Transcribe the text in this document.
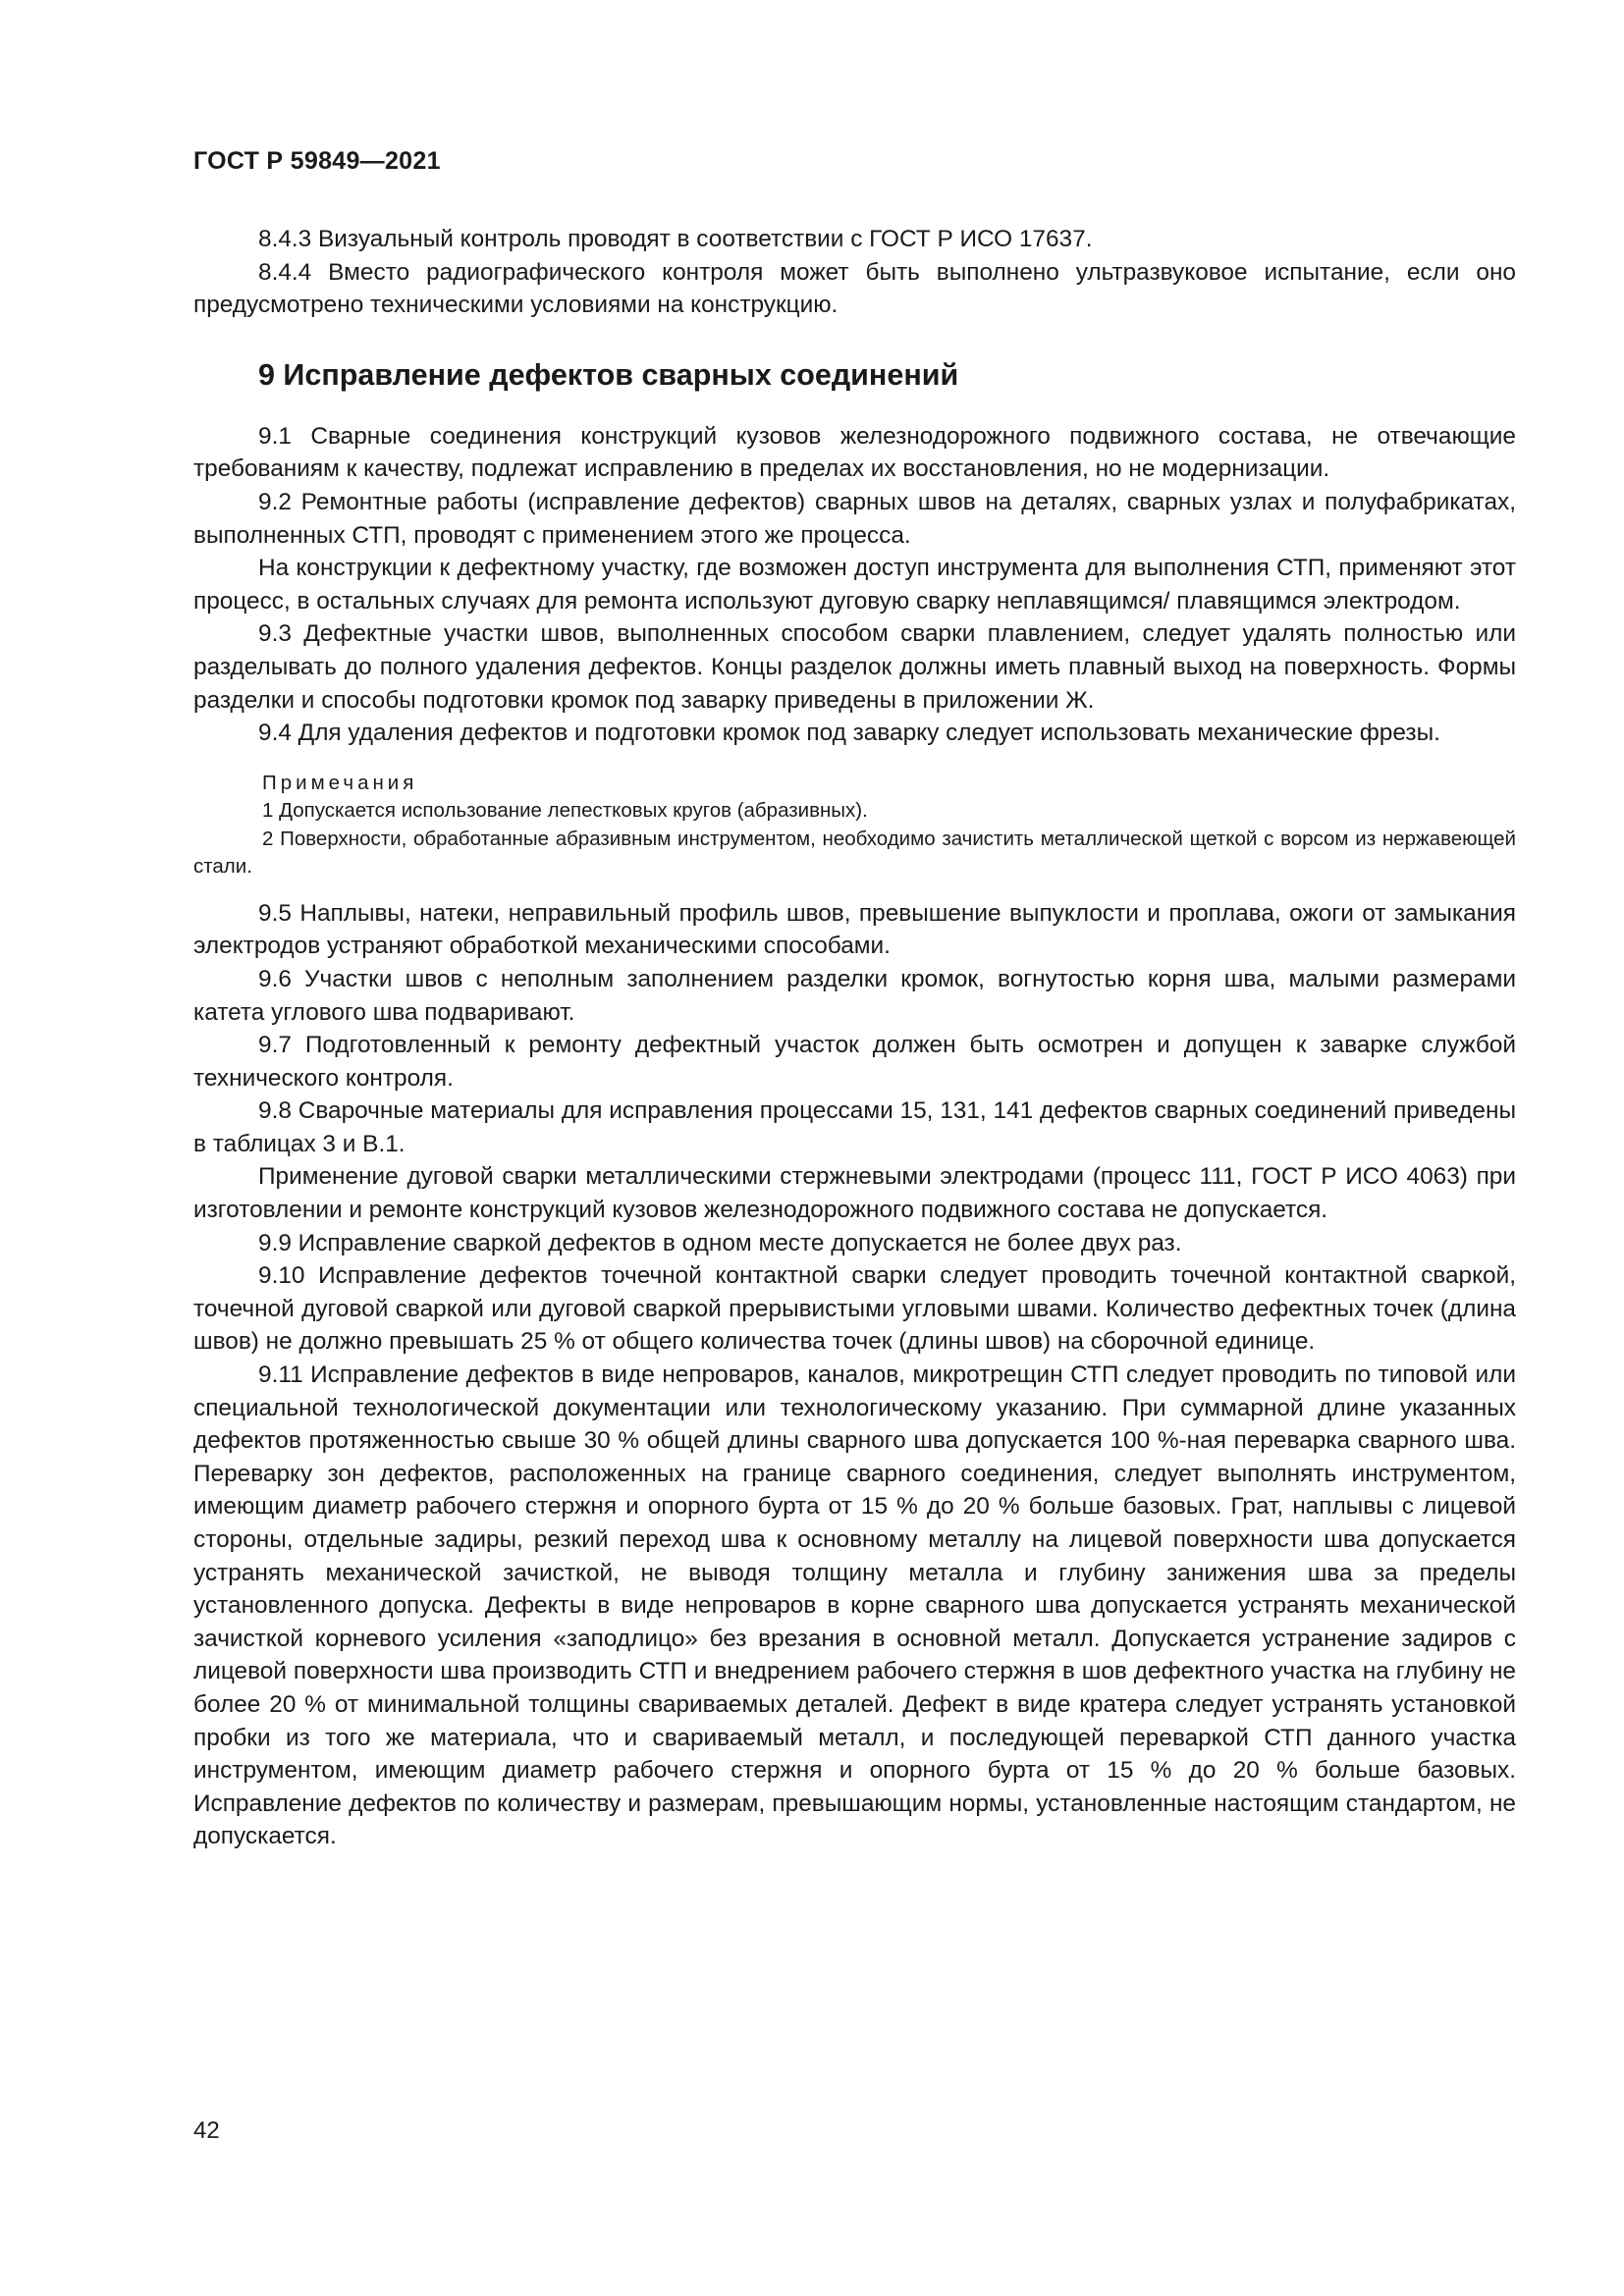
ГОСТ Р 59849—2021

8.4.3 Визуальный контроль проводят в соответствии с ГОСТ Р ИСО 17637.

8.4.4 Вместо радиографического контроля может быть выполнено ультразвуковое испытание, если оно предусмотрено техническими условиями на конструкцию.

9 Исправление дефектов сварных соединений

9.1 Сварные соединения конструкций кузовов железнодорожного подвижного состава, не отвечающие требованиям к качеству, подлежат исправлению в пределах их восстановления, но не модернизации.

9.2 Ремонтные работы (исправление дефектов) сварных швов на деталях, сварных узлах и полуфабрикатах, выполненных СТП, проводят с применением этого же процесса.

На конструкции к дефектному участку, где возможен доступ инструмента для выполнения СТП, применяют этот процесс, в остальных случаях для ремонта используют дуговую сварку неплавящимся/ плавящимся электродом.

9.3 Дефектные участки швов, выполненных способом сварки плавлением, следует удалять полностью или разделывать до полного удаления дефектов. Концы разделок должны иметь плавный выход на поверхность. Формы разделки и способы подготовки кромок под заварку приведены в приложении Ж.

9.4 Для удаления дефектов и подготовки кромок под заварку следует использовать механические фрезы.

Примечания

1 Допускается использование лепестковых кругов (абразивных).

2 Поверхности, обработанные абразивным инструментом, необходимо зачистить металлической щеткой с ворсом из нержавеющей стали.

9.5 Наплывы, натеки, неправильный профиль швов, превышение выпуклости и проплава, ожоги от замыкания электродов устраняют обработкой механическими способами.

9.6 Участки швов с неполным заполнением разделки кромок, вогнутостью корня шва, малыми размерами катета углового шва подваривают.

9.7 Подготовленный к ремонту дефектный участок должен быть осмотрен и допущен к заварке службой технического контроля.

9.8 Сварочные материалы для исправления процессами 15, 131, 141 дефектов сварных соединений приведены в таблицах 3 и В.1.

Применение дуговой сварки металлическими стержневыми электродами (процесс 111, ГОСТ Р ИСО 4063) при изготовлении и ремонте конструкций кузовов железнодорожного подвижного состава не допускается.

9.9 Исправление сваркой дефектов в одном месте допускается не более двух раз.

9.10 Исправление дефектов точечной контактной сварки следует проводить точечной контактной сваркой, точечной дуговой сваркой или дуговой сваркой прерывистыми угловыми швами. Количество дефектных точек (длина швов) не должно превышать 25 % от общего количества точек (длины швов) на сборочной единице.

9.11 Исправление дефектов в виде непроваров, каналов, микротрещин СТП следует проводить по типовой или специальной технологической документации или технологическому указанию. При суммарной длине указанных дефектов протяженностью свыше 30 % общей длины сварного шва допускается 100 %-ная переварка сварного шва. Переварку зон дефектов, расположенных на границе сварного соединения, следует выполнять инструментом, имеющим диаметр рабочего стержня и опорного бурта от 15 % до 20 % больше базовых. Грат, наплывы с лицевой стороны, отдельные задиры, резкий переход шва к основному металлу на лицевой поверхности шва допускается устранять механической зачисткой, не выводя толщину металла и глубину занижения шва за пределы установленного допуска. Дефекты в виде непроваров в корне сварного шва допускается устранять механической зачисткой корневого усиления «заподлицо» без врезания в основной металл. Допускается устранение задиров с лицевой поверхности шва производить СТП и внедрением рабочего стержня в шов дефектного участка на глубину не более 20 % от минимальной толщины свариваемых деталей. Дефект в виде кратера следует устранять установкой пробки из того же материала, что и свариваемый металл, и последующей переваркой СТП данного участка инструментом, имеющим диаметр рабочего стержня и опорного бурта от 15 % до 20 % больше базовых. Исправление дефектов по количеству и размерам, превышающим нормы, установленные настоящим стандартом, не допускается.

42
